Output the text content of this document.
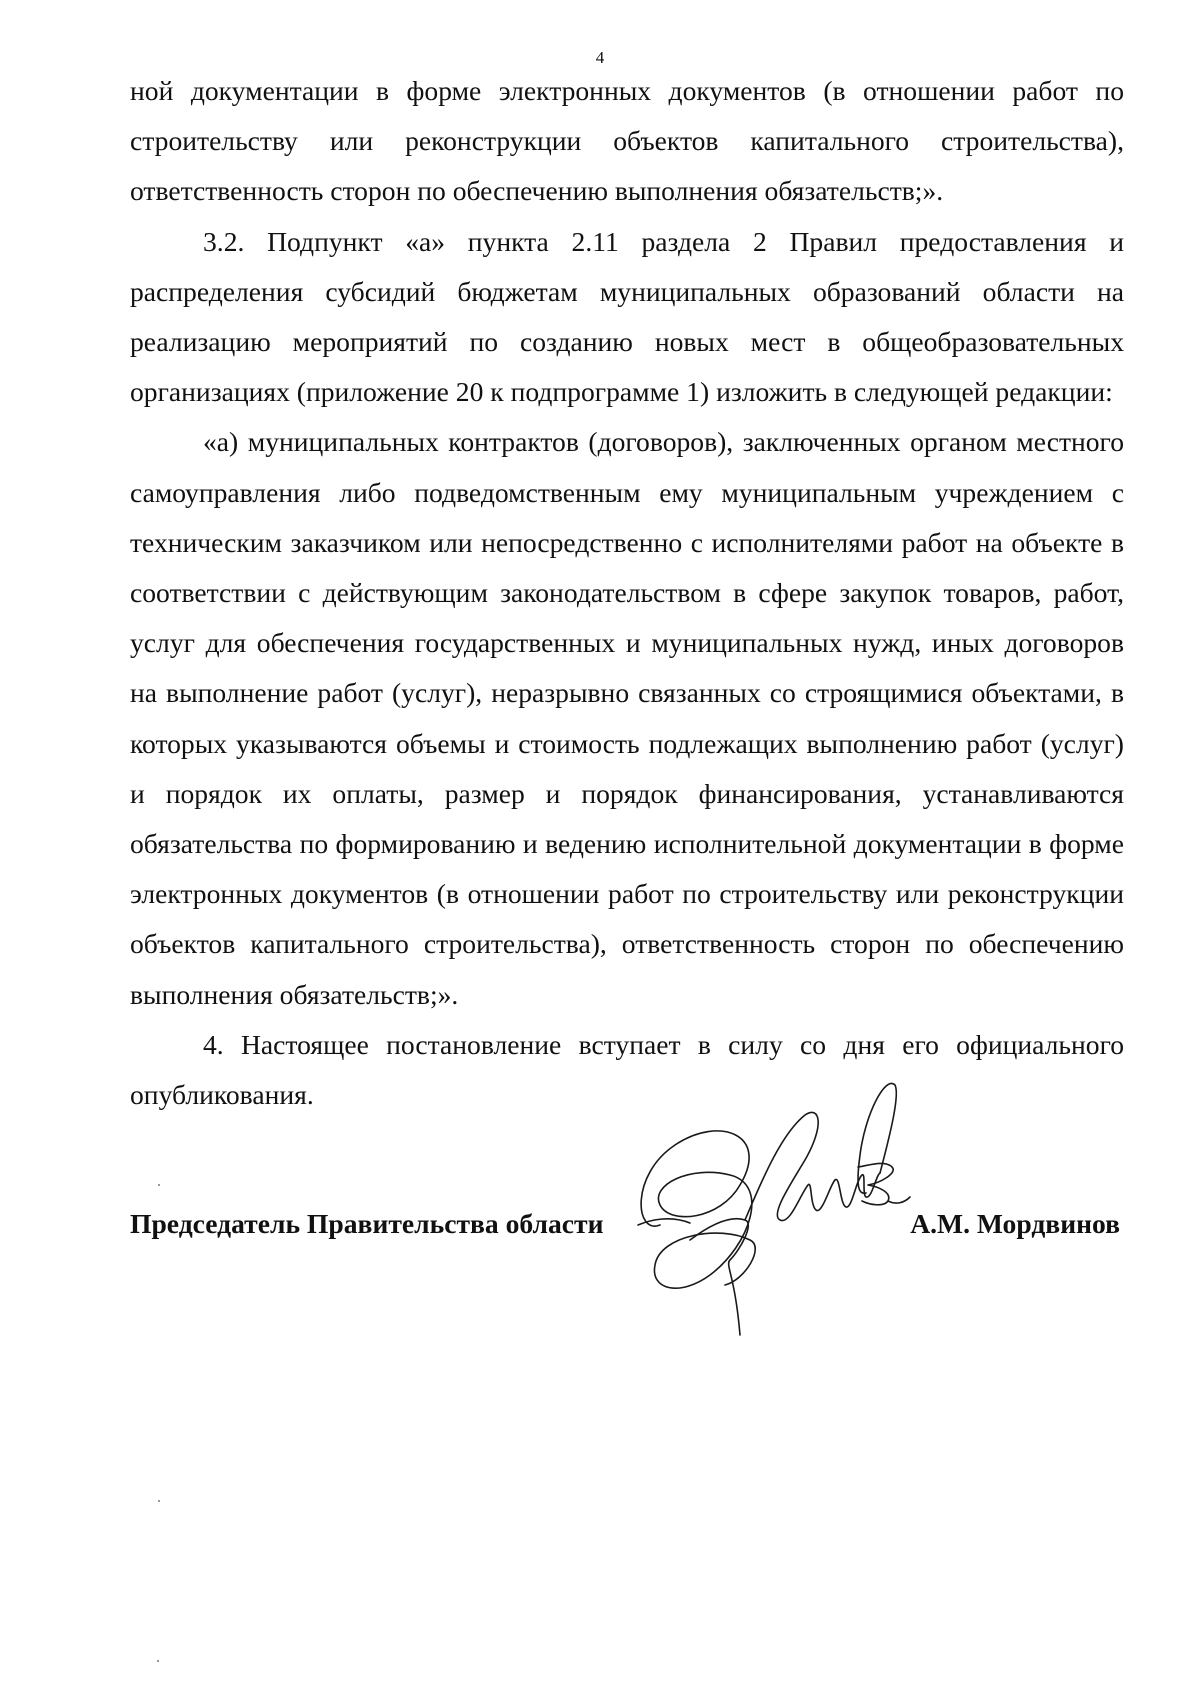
4

ной документации в форме электронных документов (в отношении работ по строительству или реконструкции объектов капитального строительства), ответственность сторон по обеспечению выполнения обязательств;».

3.2. Подпункт «а» пункта 2.11 раздела 2 Правил предоставления и распределения субсидий бюджетам муниципальных образований области на реализацию мероприятий по созданию новых мест в общеобразовательных организациях (приложение 20 к подпрограмме 1) изложить в следующей редакции:

«а) муниципальных контрактов (договоров), заключенных органом местного самоуправления либо подведомственным ему муниципальным учреждением с техническим заказчиком или непосредственно с исполнителями работ на объекте в соответствии с действующим законодательством в сфере закупок товаров, работ, услуг для обеспечения государственных и муниципальных нужд, иных договоров на выполнение работ (услуг), неразрывно связанных со строящимися объектами, в которых указываются объемы и стоимость подлежащих выполнению работ (услуг) и порядок их оплаты, размер и порядок финансирования, устанавливаются обязательства по формированию и ведению исполнительной документации в форме электронных документов (в отношении работ по строительству или реконструкции объектов капитального строительства), ответственность сторон по обеспечению выполнения обязательств;».

4. Настоящее постановление вступает в силу со дня его официального опубликования.

Председатель Правительства области	А.М. Мордвинов
